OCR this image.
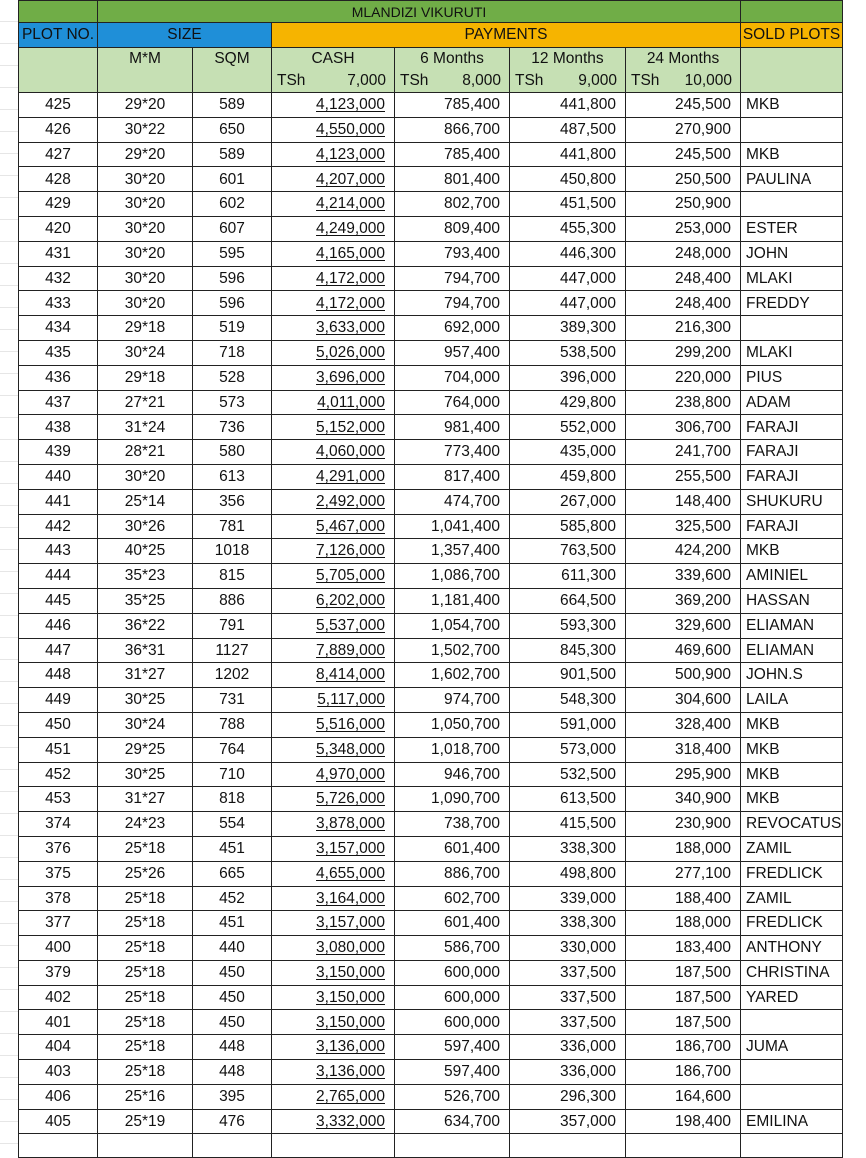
	MLANDIZI VIKURUTI						
PLOT NO.	SIZE		PAYMENTS				SOLD PLOTS
	M*M	SQM	CASH	6 Months	12 Months	24 Months	

			TSh 7,000	TSh 8,000	TSh 9,000	TSh 10,000	

425	29*20	589	4,123,000	785,400	441,800	245,500	MKB
426	30*22	650	4,550,000	866,700	487,500	270,900	
427	29*20	589	4,123,000	785,400	441,800	245,500	MKB
428	30*20	601	4,207,000	801,400	450,800	250,500	PAULINA
429	30*20	602	4,214,000	802,700	451,500	250,900	
420	30*20	607	4,249,000	809,400	455,300	253,000	ESTER
431	30*20	595	4,165,000	793,400	446,300	248,000	JOHN
432	30*20	596	4,172,000	794,700	447,000	248,400	MLAKI
433	30*20	596	4,172,000	794,700	447,000	248,400	FREDDY
434	29*18	519	3,633,000	692,000	389,300	216,300	
435	30*24	718	5,026,000	957,400	538,500	299,200	MLAKI
436	29*18	528	3,696,000	704,000	396,000	220,000	PIUS
437	27*21	573	4,011,000	764,000	429,800	238,800	ADAM
438	31*24	736	5,152,000	981,400	552,000	306,700	FARAJI
439	28*21	580	4,060,000	773,400	435,000	241,700	FARAJI
440	30*20	613	4,291,000	817,400	459,800	255,500	FARAJI
441	25*14	356	2,492,000	474,700	267,000	148,400	SHUKURU
442	30*26	781	5,467,000	1,041,400	585,800	325,500	FARAJI
443	40*25	1018	7,126,000	1,357,400	763,500	424,200	MKB
444	35*23	815	5,705,000	1,086,700	611,300	339,600	AMINIEL
445	35*25	886	6,202,000	1,181,400	664,500	369,200	HASSAN
446	36*22	791	5,537,000	1,054,700	593,300	329,600	ELIAMAN
447	36*31	1127	7,889,000	1,502,700	845,300	469,600	ELIAMAN
448	31*27	1202	8,414,000	1,602,700	901,500	500,900	JOHN.S
449	30*25	731	5,117,000	974,700	548,300	304,600	LAILA
450	30*24	788	5,516,000	1,050,700	591,000	328,400	MKB
451	29*25	764	5,348,000	1,018,700	573,000	318,400	MKB
452	30*25	710	4,970,000	946,700	532,500	295,900	MKB
453	31*27	818	5,726,000	1,090,700	613,500	340,900	MKB
374	24*23	554	3,878,000	738,700	415,500	230,900	REVOCATUS
376	25*18	451	3,157,000	601,400	338,300	188,000	ZAMIL
375	25*26	665	4,655,000	886,700	498,800	277,100	FREDLICK
378	25*18	452	3,164,000	602,700	339,000	188,400	ZAMIL
377	25*18	451	3,157,000	601,400	338,300	188,000	FREDLICK
400	25*18	440	3,080,000	586,700	330,000	183,400	ANTHONY
379	25*18	450	3,150,000	600,000	337,500	187,500	CHRISTINA
402	25*18	450	3,150,000	600,000	337,500	187,500	YARED
401	25*18	450	3,150,000	600,000	337,500	187,500	
404	25*18	448	3,136,000	597,400	336,000	186,700	JUMA
403	25*18	448	3,136,000	597,400	336,000	186,700	
406	25*16	395	2,765,000	526,700	296,300	164,600	
405	25*19	476	3,332,000	634,700	357,000	198,400	EMILINA
